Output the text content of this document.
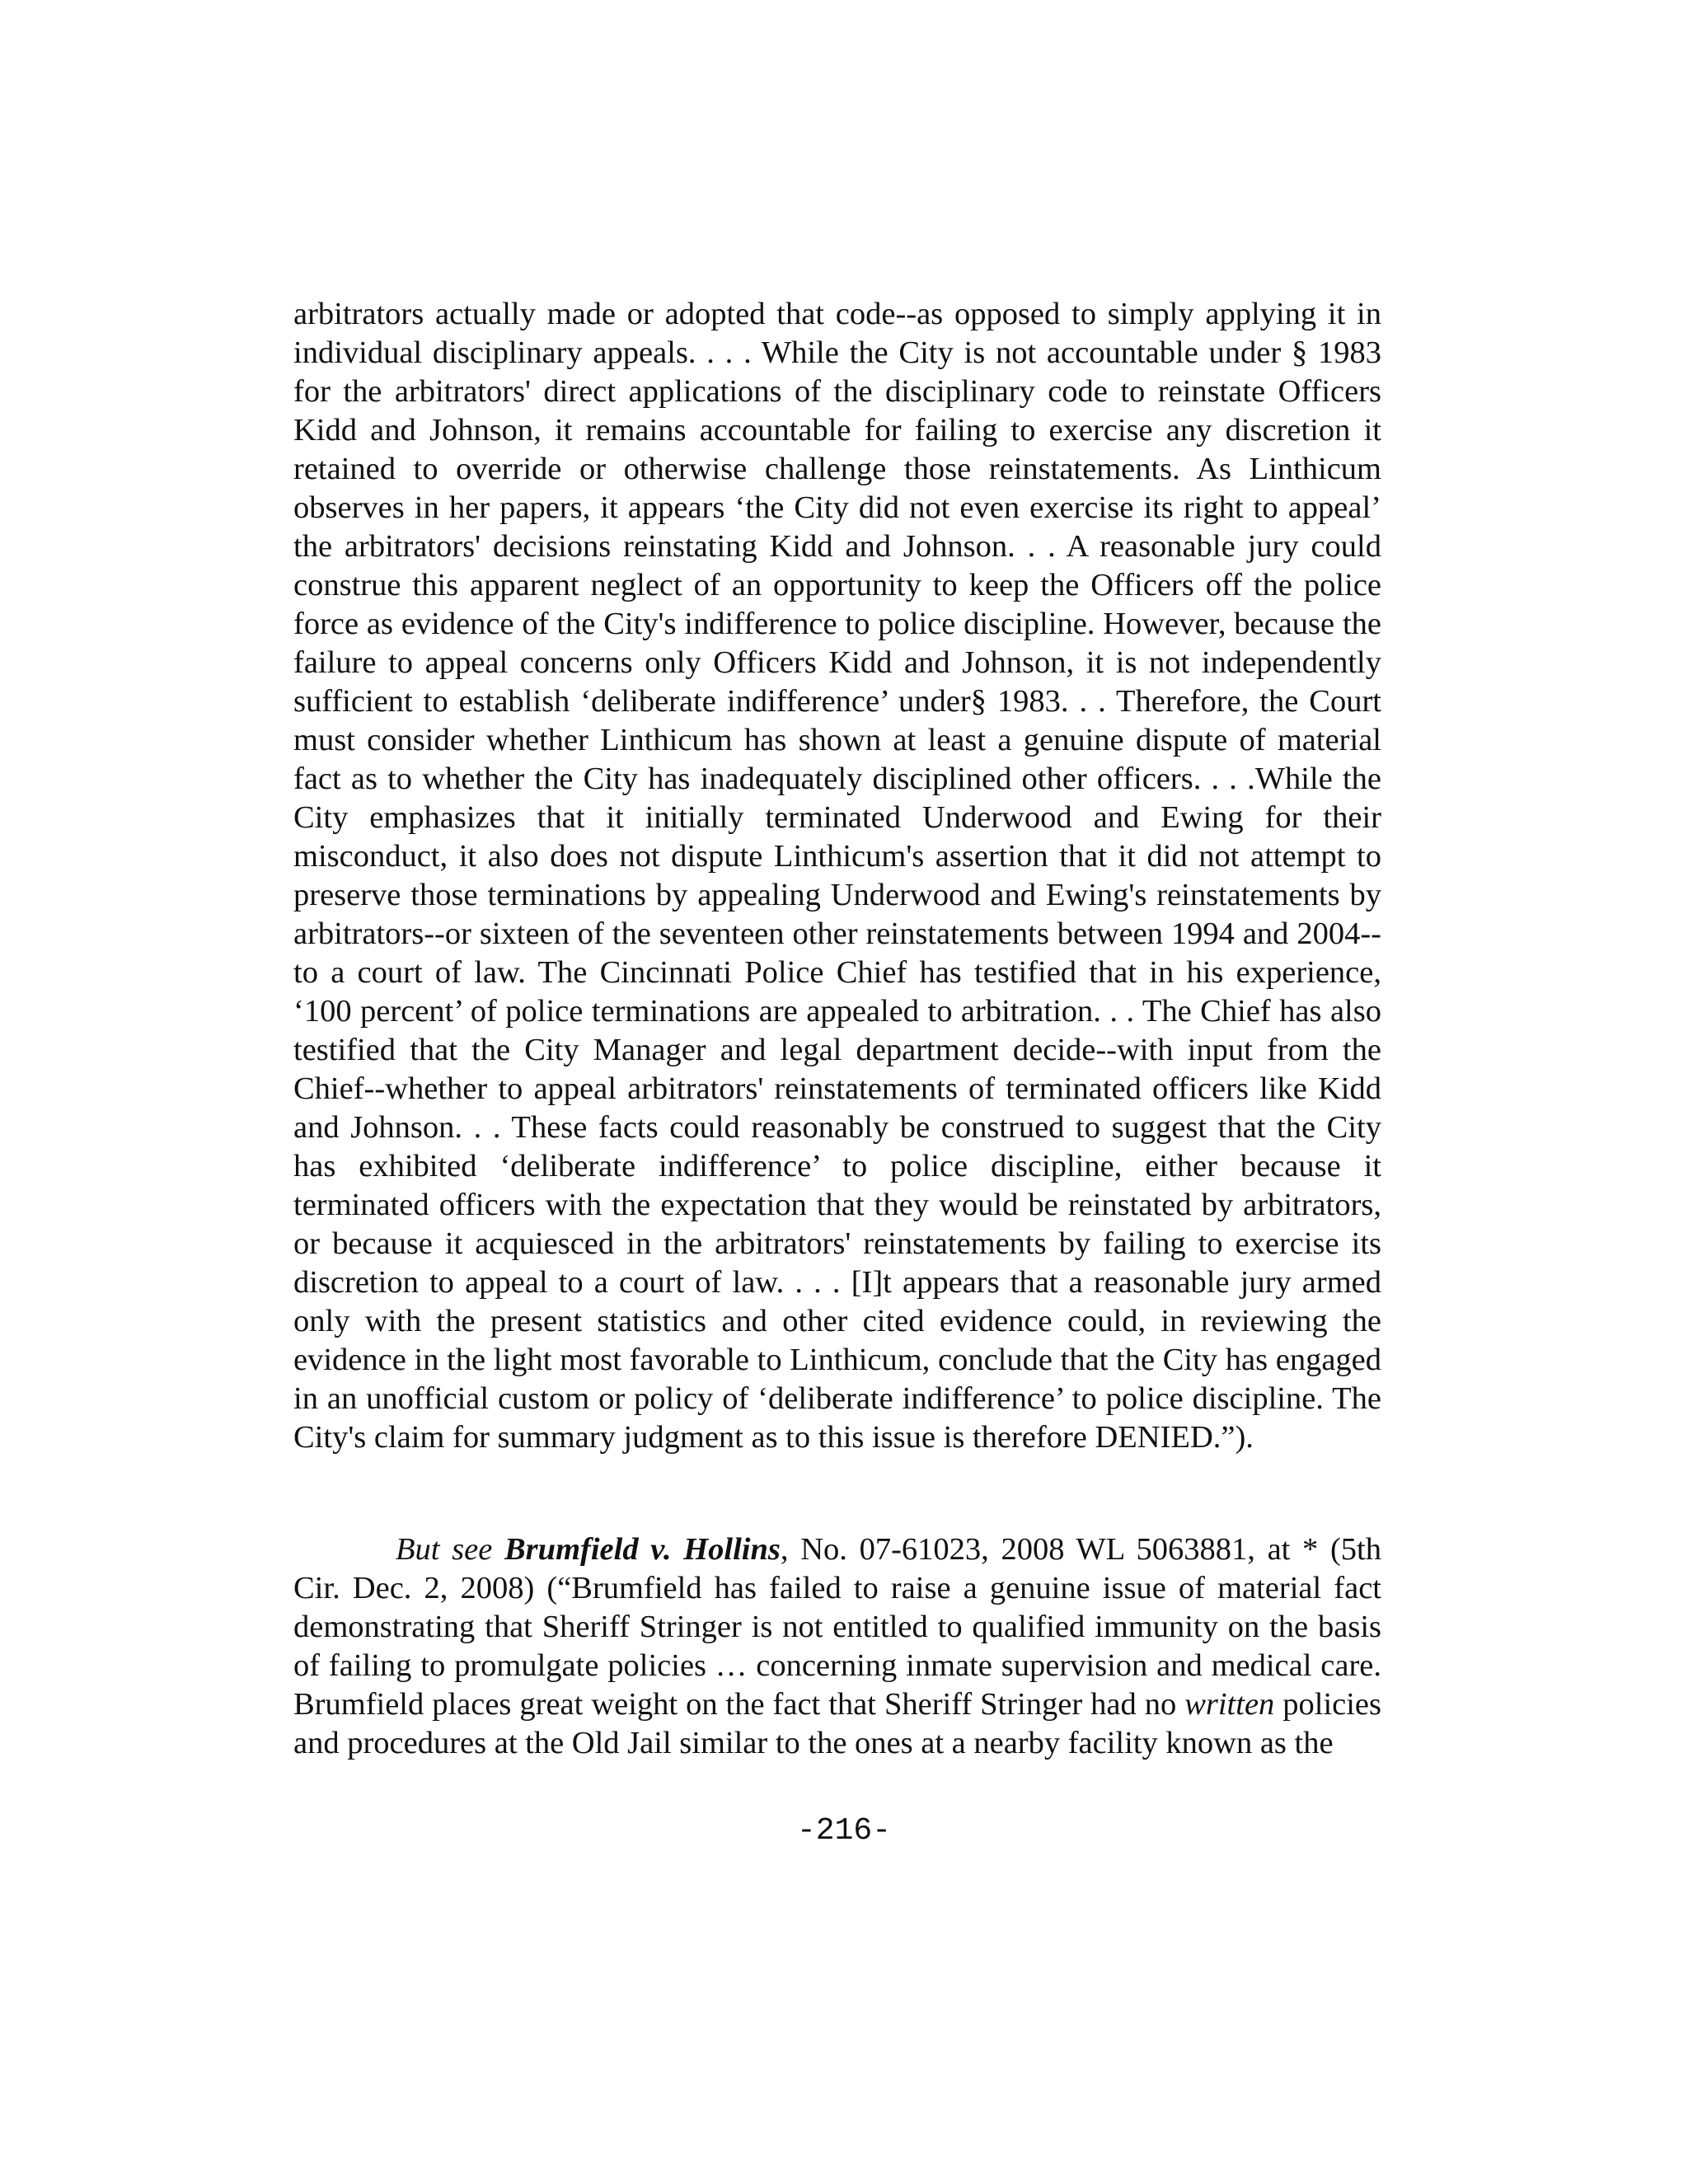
arbitrators actually made or adopted that code--as opposed to simply applying it in individual disciplinary appeals. . . . While the City is not accountable under § 1983 for the arbitrators' direct applications of the disciplinary code to reinstate Officers Kidd and Johnson, it remains accountable for failing to exercise any discretion it retained to override or otherwise challenge those reinstatements. As Linthicum observes in her papers, it appears ‘the City did not even exercise its right to appeal’ the arbitrators' decisions reinstating Kidd and Johnson. . . A reasonable jury could construe this apparent neglect of an opportunity to keep the Officers off the police force as evidence of the City's indifference to police discipline. However, because the failure to appeal concerns only Officers Kidd and Johnson, it is not independently sufficient to establish ‘deliberate indifference’ under§ 1983. . . Therefore, the Court must consider whether Linthicum has shown at least a genuine dispute of material fact as to whether the City has inadequately disciplined other officers. . . .While the City emphasizes that it initially terminated Underwood and Ewing for their misconduct, it also does not dispute Linthicum's assertion that it did not attempt to preserve those terminations by appealing Underwood and Ewing's reinstatements by arbitrators--or sixteen of the seventeen other reinstatements between 1994 and 2004--to a court of law. The Cincinnati Police Chief has testified that in his experience, ‘100 percent’ of police terminations are appealed to arbitration. . . The Chief has also testified that the City Manager and legal department decide--with input from the Chief--whether to appeal arbitrators' reinstatements of terminated officers like Kidd and Johnson. . . These facts could reasonably be construed to suggest that the City has exhibited ‘deliberate indifference’ to police discipline, either because it terminated officers with the expectation that they would be reinstated by arbitrators, or because it acquiesced in the arbitrators' reinstatements by failing to exercise its discretion to appeal to a court of law. . . . [I]t appears that a reasonable jury armed only with the present statistics and other cited evidence could, in reviewing the evidence in the light most favorable to Linthicum, conclude that the City has engaged in an unofficial custom or policy of ‘deliberate indifference’ to police discipline. The City's claim for summary judgment as to this issue is therefore DENIED.”).

But see Brumfield v. Hollins, No. 07-61023, 2008 WL 5063881, at * (5th Cir. Dec. 2, 2008) (“Brumfield has failed to raise a genuine issue of material fact demonstrating that Sheriff Stringer is not entitled to qualified immunity on the basis of failing to promulgate policies … concerning inmate supervision and medical care. Brumfield places great weight on the fact that Sheriff Stringer had no written policies and procedures at the Old Jail similar to the ones at a nearby facility known as the

-216-
